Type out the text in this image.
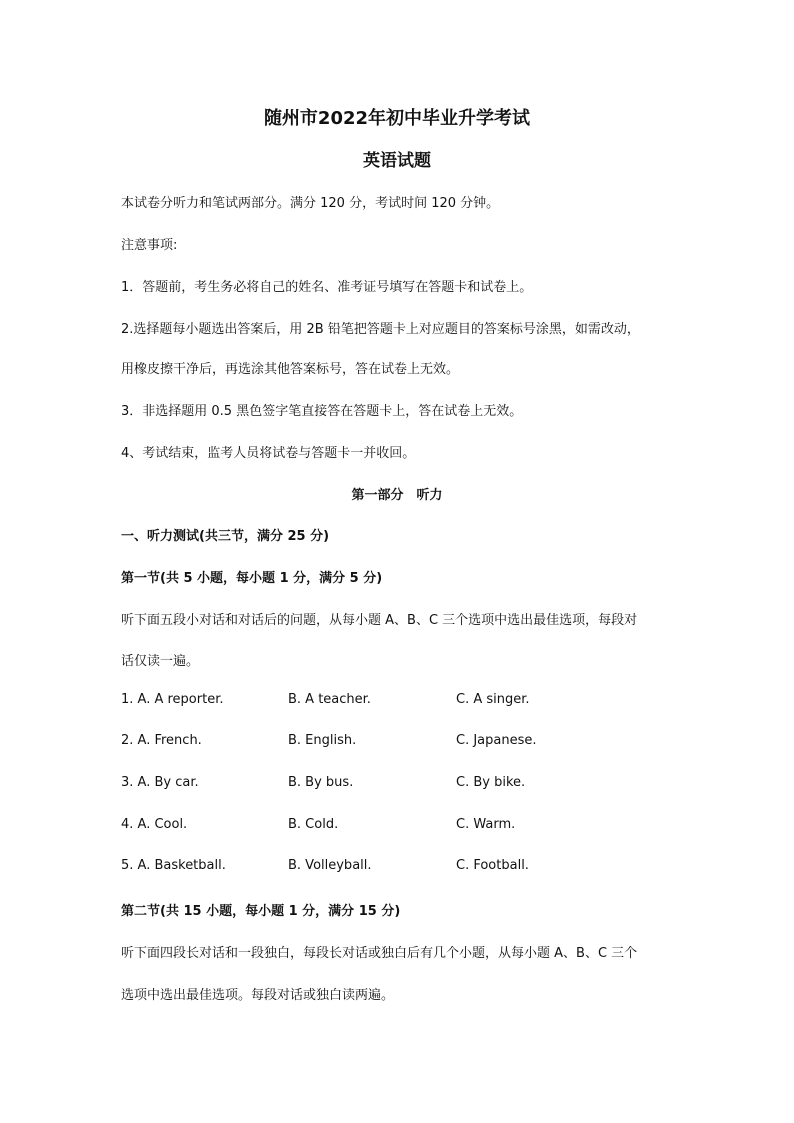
随州市2022年初中毕业升学考试
英语试题
本试卷分听力和笔试两部分。满分 120 分，考试时间 120 分钟。
注意事项:
1．答题前，考生务必将自己的姓名、准考证号填写在答题卡和试卷上。
2.选择题每小题选出答案后，用 2B 铅笔把答题卡上对应题目的答案标号涂黑，如需改动，
用橡皮擦干净后，再选涂其他答案标号，答在试卷上无效。
3．非选择题用 0.5 黑色签字笔直接答在答题卡上，答在试卷上无效。
4、考试结束，监考人员将试卷与答题卡一并收回。
第一部分　听力
一、听力测试(共三节，满分 25 分)
第一节(共 5 小题，每小题 1 分，满分 5 分)
听下面五段小对话和对话后的问题，从每小题 A、B、C 三个选项中选出最佳选项，每段对
话仅读一遍。
1. A. A reporter.	B. A teacher.	C. A singer.
2. A. French.	B. English.	C. Japanese.
3. A. By car.	B. By bus.	C. By bike.
4. A. Cool.	B. Cold.	C. Warm.
5. A. Basketball.	B. Volleyball.	C. Football.
第二节(共 15 小题，每小题 1 分，满分 15 分)
听下面四段长对话和一段独白，每段长对话或独白后有几个小题，从每小题 A、B、C 三个
选项中选出最佳选项。每段对话或独白读两遍。
